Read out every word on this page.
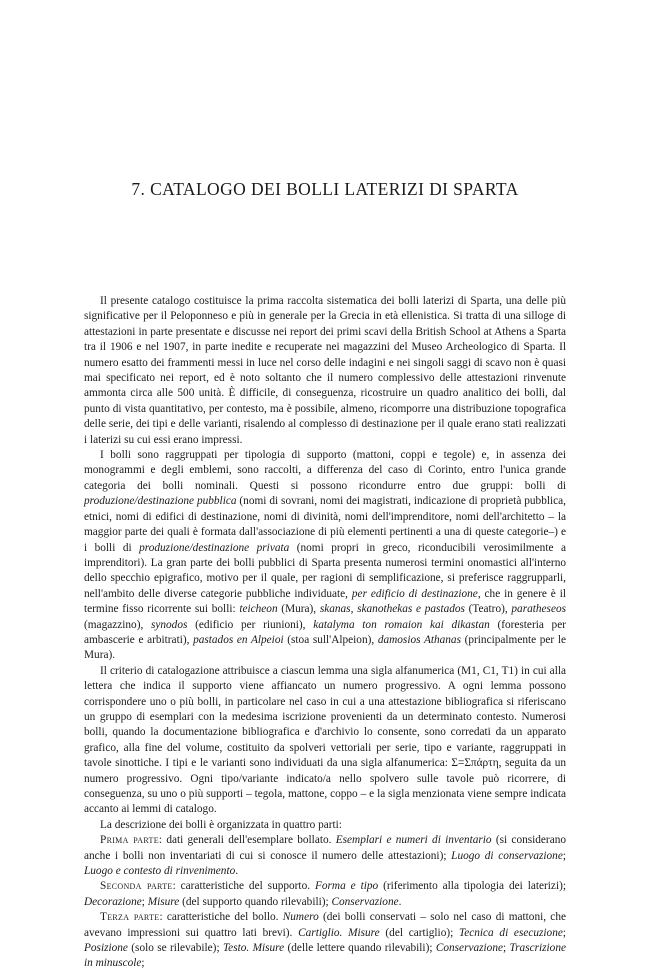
7. CATALOGO DEI BOLLI LATERIZI DI SPARTA

Il presente catalogo costituisce la prima raccolta sistematica dei bolli laterizi di Sparta, una delle più significative per il Peloponneso e più in generale per la Grecia in età ellenistica. Si tratta di una silloge di attestazioni in parte presentate e discusse nei report dei primi scavi della British School at Athens a Sparta tra il 1906 e nel 1907, in parte inedite e recuperate nei magazzini del Museo Archeologico di Sparta. Il numero esatto dei frammenti messi in luce nel corso delle indagini e nei singoli saggi di scavo non è quasi mai specificato nei report, ed è noto soltanto che il numero complessivo delle attestazioni rinvenute ammonta circa alle 500 unità. È difficile, di conseguenza, ricostruire un quadro analitico dei bolli, dal punto di vista quantitativo, per contesto, ma è possibile, almeno, ricomporre una distribuzione topografica delle serie, dei tipi e delle varianti, risalendo al complesso di destinazione per il quale erano stati realizzati i laterizi su cui essi erano impressi.

I bolli sono raggruppati per tipologia di supporto (mattoni, coppi e tegole) e, in assenza dei monogrammi e degli emblemi, sono raccolti, a differenza del caso di Corinto, entro l'unica grande categoria dei bolli nominali. Questi si possono ricondurre entro due gruppi: bolli di produzione/destinazione pubblica (nomi di sovrani, nomi dei magistrati, indicazione di proprietà pubblica, etnici, nomi di edifici di destinazione, nomi di divinità, nomi dell'imprenditore, nomi dell'architetto – la maggior parte dei quali è formata dall'associazione di più elementi pertinenti a una di queste categorie–) e i bolli di produzione/destinazione privata (nomi propri in greco, riconducibili verosimilmente a imprenditori). La gran parte dei bolli pubblici di Sparta presenta numerosi termini onomastici all'interno dello specchio epigrafico, motivo per il quale, per ragioni di semplificazione, si preferisce raggrupparli, nell'ambito delle diverse categorie pubbliche individuate, per edificio di destinazione, che in genere è il termine fisso ricorrente sui bolli: teicheon (Mura), skanas, skanothekas e pastados (Teatro), paratheseos (magazzino), synodos (edificio per riunioni), katalyma ton romaion kai dikastan (foresteria per ambascerie e arbitrati), pastados en Alpeioi (stoa sull'Alpeion), damosios Athanas (principalmente per le Mura).

Il criterio di catalogazione attribuisce a ciascun lemma una sigla alfanumerica (M1, C1, T1) in cui alla lettera che indica il supporto viene affiancato un numero progressivo. A ogni lemma possono corrispondere uno o più bolli, in particolare nel caso in cui a una attestazione bibliografica si riferiscano un gruppo di esemplari con la medesima iscrizione provenienti da un determinato contesto. Numerosi bolli, quando la documentazione bibliografica e d'archivio lo consente, sono corredati da un apparato grafico, alla fine del volume, costituito da spolveri vettoriali per serie, tipo e variante, raggruppati in tavole sinottiche. I tipi e le varianti sono individuati da una sigla alfanumerica: Σ=Σπάρτη, seguita da un numero progressivo. Ogni tipo/variante indicato/a nello spolvero sulle tavole può ricorrere, di conseguenza, su uno o più supporti – tegola, mattone, coppo – e la sigla menzionata viene sempre indicata accanto ai lemmi di catalogo.

La descrizione dei bolli è organizzata in quattro parti:

Prima parte: dati generali dell'esemplare bollato. Esemplari e numeri di inventario (si considerano anche i bolli non inventariati di cui si conosce il numero delle attestazioni); Luogo di conservazione; Luogo e contesto di rinvenimento.

Seconda parte: caratteristiche del supporto. Forma e tipo (riferimento alla tipologia dei laterizi); Decorazione; Misure (del supporto quando rilevabili); Conservazione.

Terza parte: caratteristiche del bollo. Numero (dei bolli conservati – solo nel caso di mattoni, che avevano impressioni sui quattro lati brevi). Cartiglio. Misure (del cartiglio); Tecnica di esecuzione; Posizione (solo se rilevabile); Testo. Misure (delle lettere quando rilevabili); Conservazione; Trascrizione in minuscole;
